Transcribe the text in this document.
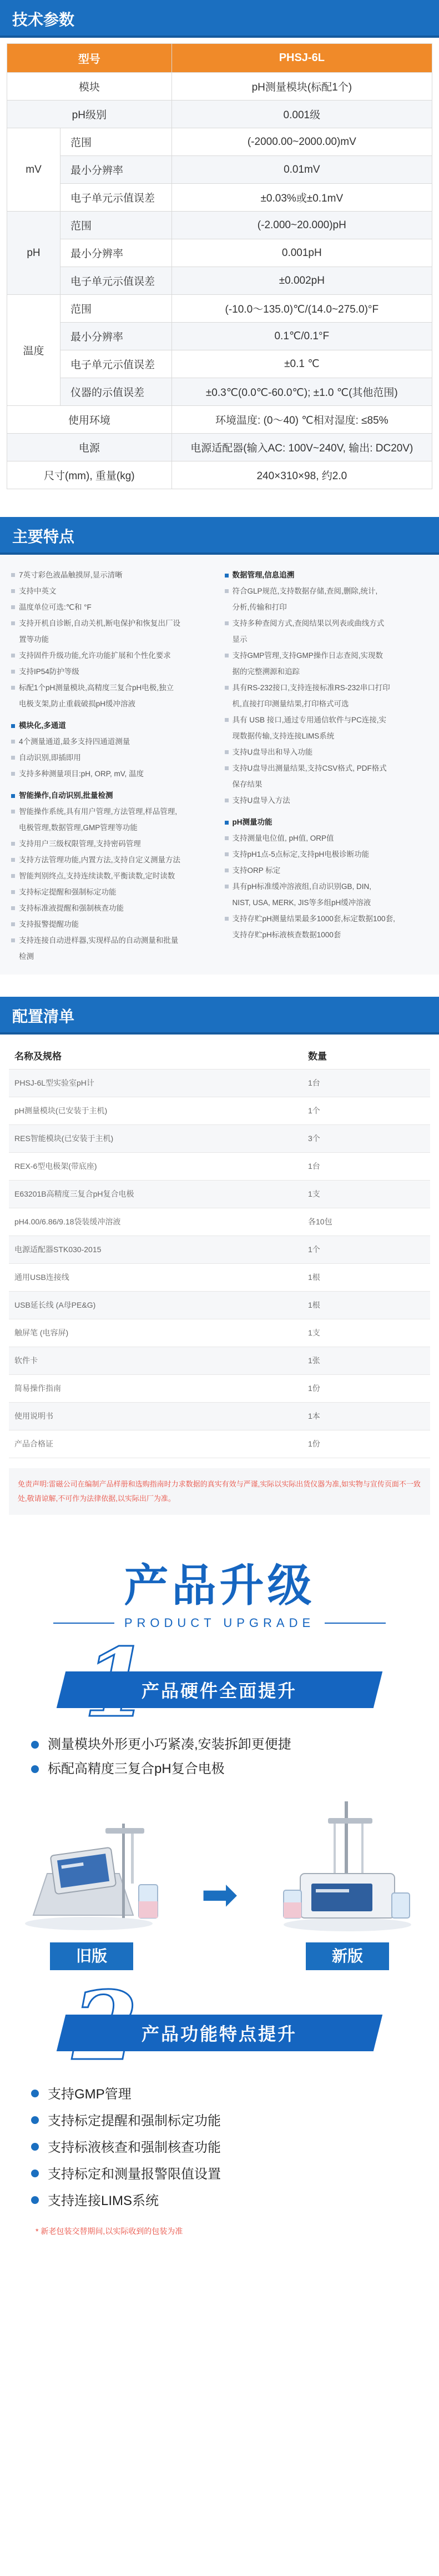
技术参数
型号		PHSJ-6L
模块		pH测量模块(标配1个)
pH级别		0.001级
mV	范围	(-2000.00~2000.00)mV
	最小分辨率	0.01mV
	电子单元示值误差	±0.03%或±0.1mV
pH	范围	(-2.000~20.000)pH
	最小分辨率	0.001pH
	电子单元示值误差	±0.002pH
温度	范围	(-10.0～135.0)℃/(14.0~275.0)°F
	最小分辨率	0.1℃/0.1°F
	电子单元示值误差	±0.1 ℃
	仪器的示值误差	±0.3℃(0.0℃-60.0℃); ±1.0 ℃(其他范围)
使用环境		环境温度: (0～40) ℃相对湿度: ≤85%
电源		电源适配器(输入AC: 100V~240V, 输出: DC20V)
尺寸(mm), 重量(kg)		240×310×98, 约2.0
主要特点
7英寸彩色液晶触摸屏,显示清晰
支持中英文
温度单位可选:℃和 °F
支持开机自诊断,自动关机,断电保护和恢复出厂设
置等功能
支持固件升级功能,允许功能扩展和个性化要求
支持IP54防护等级
标配1个pH测量模块,高精度三复合pH电极,独立
电极支架,防止重载破损pH缓冲溶液
模块化,多通道
4个测量通道,最多支持四通道测量
自动识别,即插即用
支持多种测量项目:pH, ORP, mV, 温度
智能操作,自动识别,批量检测
智能操作系统,具有用户管理,方法管理,样品管理,
电极管理,数据管理,GMP管理等功能
支持用户三级权限管理,支持密码管理
支持方法管理功能,内置方法,支持自定义测量方法
智能判别终点,支持连续读数,平衡读数,定时读数
支持标定提醒和强制标定功能
支持标准液提醒和强制核查功能
支持报警提醒功能
支持连接自动进样器,实现样品的自动测量和批量
检测
数据管理,信息追溯
符合GLP规范,支持数据存储,查阅,删除,统计,
分析,传输和打印
支持多种查阅方式,查阅结果以列表或曲线方式
显示
支持GMP管理,支持GMP操作日志查阅,实现数
据的完整溯源和追踪
具有RS-232接口,支持连接标准RS-232串口打印
机,直接打印测量结果,打印格式可选
具有 USB 接口,通过专用通信软件与PC连接,实
现数据传输,支持连接LIMS系统
支持U盘导出和导入功能
支持U盘导出测量结果,支持CSV格式, PDF格式
保存结果
支持U盘导入方法
pH测量功能
支持测量电位值, pH值, ORP值
支持pH1点-5点标定,支持pH电极诊断功能
支持ORP 标定
具有pH标准缓冲溶液组,自动识别GB, DIN,
NIST, USA, MERK, JIS等多组pH缓冲溶液
支持存贮pH测量结果最多1000套,标定数据100套,
支持存贮pH标液核查数据1000套
配置清单
名称及规格	数量
PHSJ-6L型实验室pH计	1台
pH测量模块(已安装于主机)	1个
RES智能模块(已安装于主机)	3个
REX-6型电极架(带底座)	1台
E63201B高精度三复合pH复合电极	1支
pH4.00/6.86/9.18袋装缓冲溶液	各10包
电源适配器STK030-2015	1个
通用USB连接线	1根
USB延长线 (A母PE&G)	1根
触屏笔 (电容屏)	1支
软件卡	1张
简易操作指南	1份
使用说明书	1本
产品合格证	1份
免责声明:雷磁公司在编制产品样册和选购指南时力求数据的真实有效与严谨,实际以实际出货仪器为准,如实物与宣传页面不一致处,敬请谅解,不可作为法律依据,以实际出厂为准。
产品升级
PRODUCT UPGRADE
产品硬件全面提升
测量模块外形更小巧紧凑,安装拆卸更便捷
标配高精度三复合pH复合电极
旧版
➡
新版
产品功能特点提升
支持GMP管理
支持标定提醒和强制标定功能
支持标液核查和强制核查功能
支持标定和测量报警限值设置
支持连接LIMS系统
* 新老包装交替期间,以实际收到的包装为准
